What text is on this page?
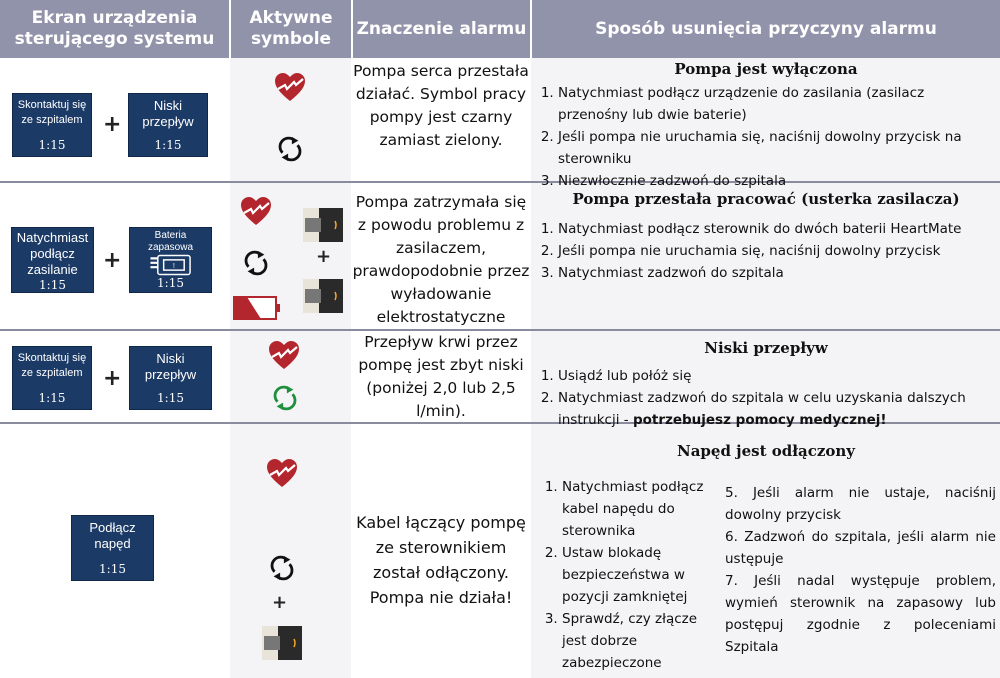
Ekran urządzenia sterującego systemu
Aktywne symbole
Znaczenie alarmu	Sposób usunięcia przyczyny alarmu
Skontaktuj się ze szpitalem
1:15
+
Niski przepływ
1:15
Pompa serca przestała działać. Symbol pracy pompy jest czarny zamiast zielony.
Pompa jest wyłączona
1. Natychmiast podłącz urządzenie do zasilania (zasilacz przenośny lub dwie baterie)
2. Jeśli pompa nie uruchamia się, naciśnij dowolny przycisk na sterowniku
3. Niezwłocznie zadzwoń do szpitala
Natychmiast podłącz zasilanie
1:15
+
Bateria zapasowa
!
1:15
+
Pompa zatrzymała się z powodu problemu z zasilaczem, prawdopodobnie przez wyładowanie elektrostatyczne
Pompa przestała pracować (usterka zasilacza)
1. Natychmiast podłącz sterownik do dwóch baterii HeartMate
2. Jeśli pompa nie uruchamia się, naciśnij dowolny przycisk
3. Natychmiast zadzwoń do szpitala
Skontaktuj się ze szpitalem
1:15
+
Niski przepływ
1:15
Przepływ krwi przez pompę jest zbyt niski (poniżej 2,0 lub 2,5 l/min).
Niski przepływ
1. Usiądź lub połóż się
2. Natychmiast zadzwoń do szpitala w celu uzyskania dalszych instrukcji - potrzebujesz pomocy medycznej!
Podłącz napęd
1:15
+
Kabel łączący pompę ze sterownikiem został odłączony. Pompa nie działa!
Napęd jest odłączony
1. Natychmiast podłącz kabel napędu do sterownika
2. Ustaw blokadę bezpieczeństwa w pozycji zamkniętej
3. Sprawdź, czy złącze jest dobrze zabezpieczone
5. Jeśli alarm nie ustaje, naciśnij dowolny przycisk
6. Zadzwoń do szpitala, jeśli alarm nie ustępuje
7. Jeśli nadal występuje problem, wymień sterownik na zapasowy lub postępuj zgodnie z poleceniami Szpitala
